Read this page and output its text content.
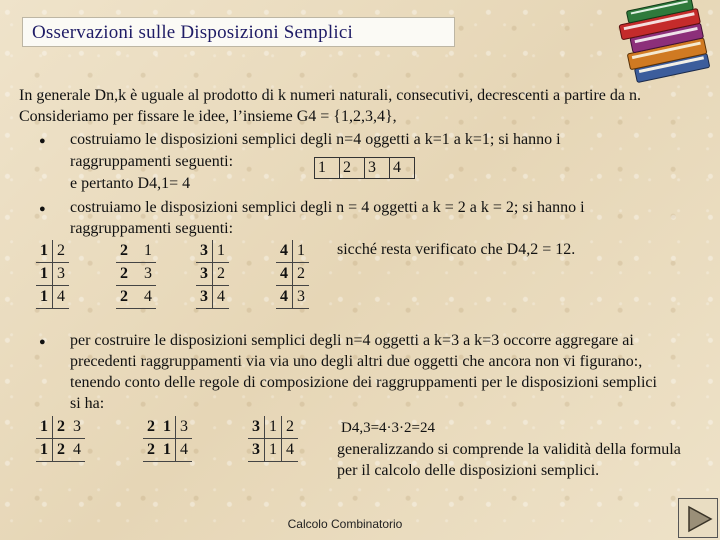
Osservazioni sulle Disposizioni Semplici
In generale Dn,k è uguale al prodotto di k numeri naturali, consecutivi, decrescenti a partire da n.
Consideriamo per fissare le idee, l’insieme G4 = {1,2,3,4},
● costruiamo le disposizioni semplici degli n=4 oggetti a k=1 a k=1; si hanno i
raggruppamenti seguenti:
e pertanto D4,1= 4
1	2	3	4
● costruiamo le disposizioni semplici degli n = 4 oggetti a k = 2 a k = 2; si hanno i
raggruppamenti seguenti:
1	2
1	3
1	4
2	1
2	3
2	4
3	1
3	2
3	4
4	1
4	2
4	3
sicché resta verificato che D4,2 = 12.
● per costruire le disposizioni semplici degli n=4 oggetti a k=3 a k=3 occorre aggregare ai
precedenti raggruppamenti via via uno degli altri due oggetti che ancora non vi figurano:,
tenendo conto delle regole di composizione dei raggruppamenti per le disposizioni semplici
si ha:
1	2	3
1	2	4
2	1	3
2	1	4
3	1	2
3	1	4
D4,3=4·3·2=24
generalizzando si comprende la validità della formula
per il calcolo delle disposizioni semplici.
Calcolo Combinatorio
